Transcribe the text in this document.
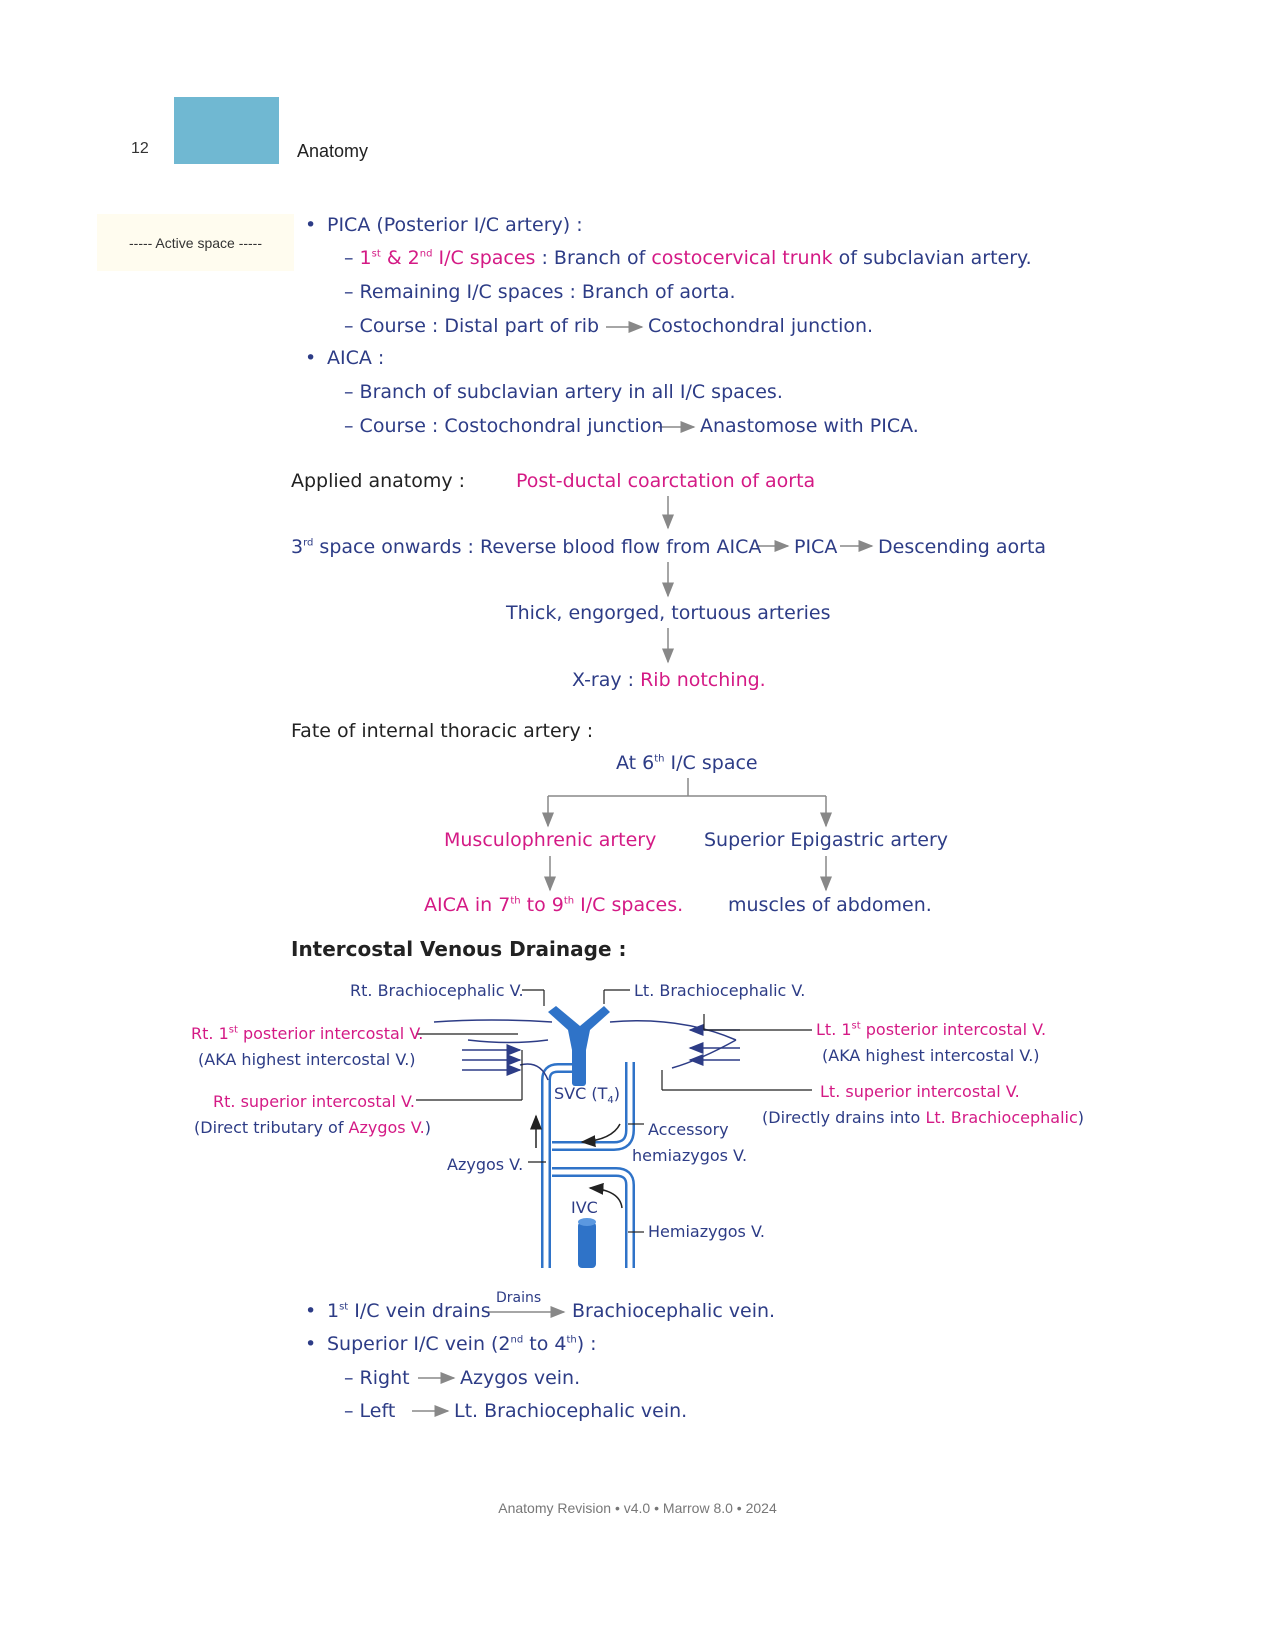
12	Anatomy
----- Active space -----
• PICA (Posterior I/C artery) :
– 1st & 2nd I/C spaces : Branch of costocervical trunk of subclavian artery.
– Remaining I/C spaces : Branch of aorta.
– Course : Distal part of rib	Costochondral junction.
• AICA :
– Branch of subclavian artery in all I/C spaces.
– Course : Costochondral junction Anastomose with PICA.
Applied anatomy :	Post-ductal coarctation of aorta
3rd space onwards : Reverse blood flow from AICA PICA Descending aorta
Thick, engorged, tortuous arteries
X-ray : Rib notching.
Fate of internal thoracic artery :
At 6th I/C space
Musculophrenic artery	Superior Epigastric artery
AICA in 7th to 9th I/C spaces. muscles of abdomen.
Intercostal Venous Drainage :
Rt. Brachiocephalic V.	Lt. Brachiocephalic V.
Rt. 1st posterior intercostal V.
(AKA highest intercostal V.)
Rt. superior intercostal V.
(Direct tributary of Azygos V.)
Lt. 1st posterior intercostal V.
(AKA highest intercostal V.)
Lt. superior intercostal V.
(Directly drains into Lt. Brachiocephalic)
SVC $(T_4)$
Accessory
hemiazygos V.
Azygos V.
IVC
Hemiazygos V.
• 1st I/C vein drains
Drains
Brachiocephalic vein.
• Superior I/C vein (2nd to 4th) :
– Right	Azygos vein.
– Left	Lt. Brachiocephalic vein.
Anatomy Revision • v4.0 • Marrow 8.0 • 2024
